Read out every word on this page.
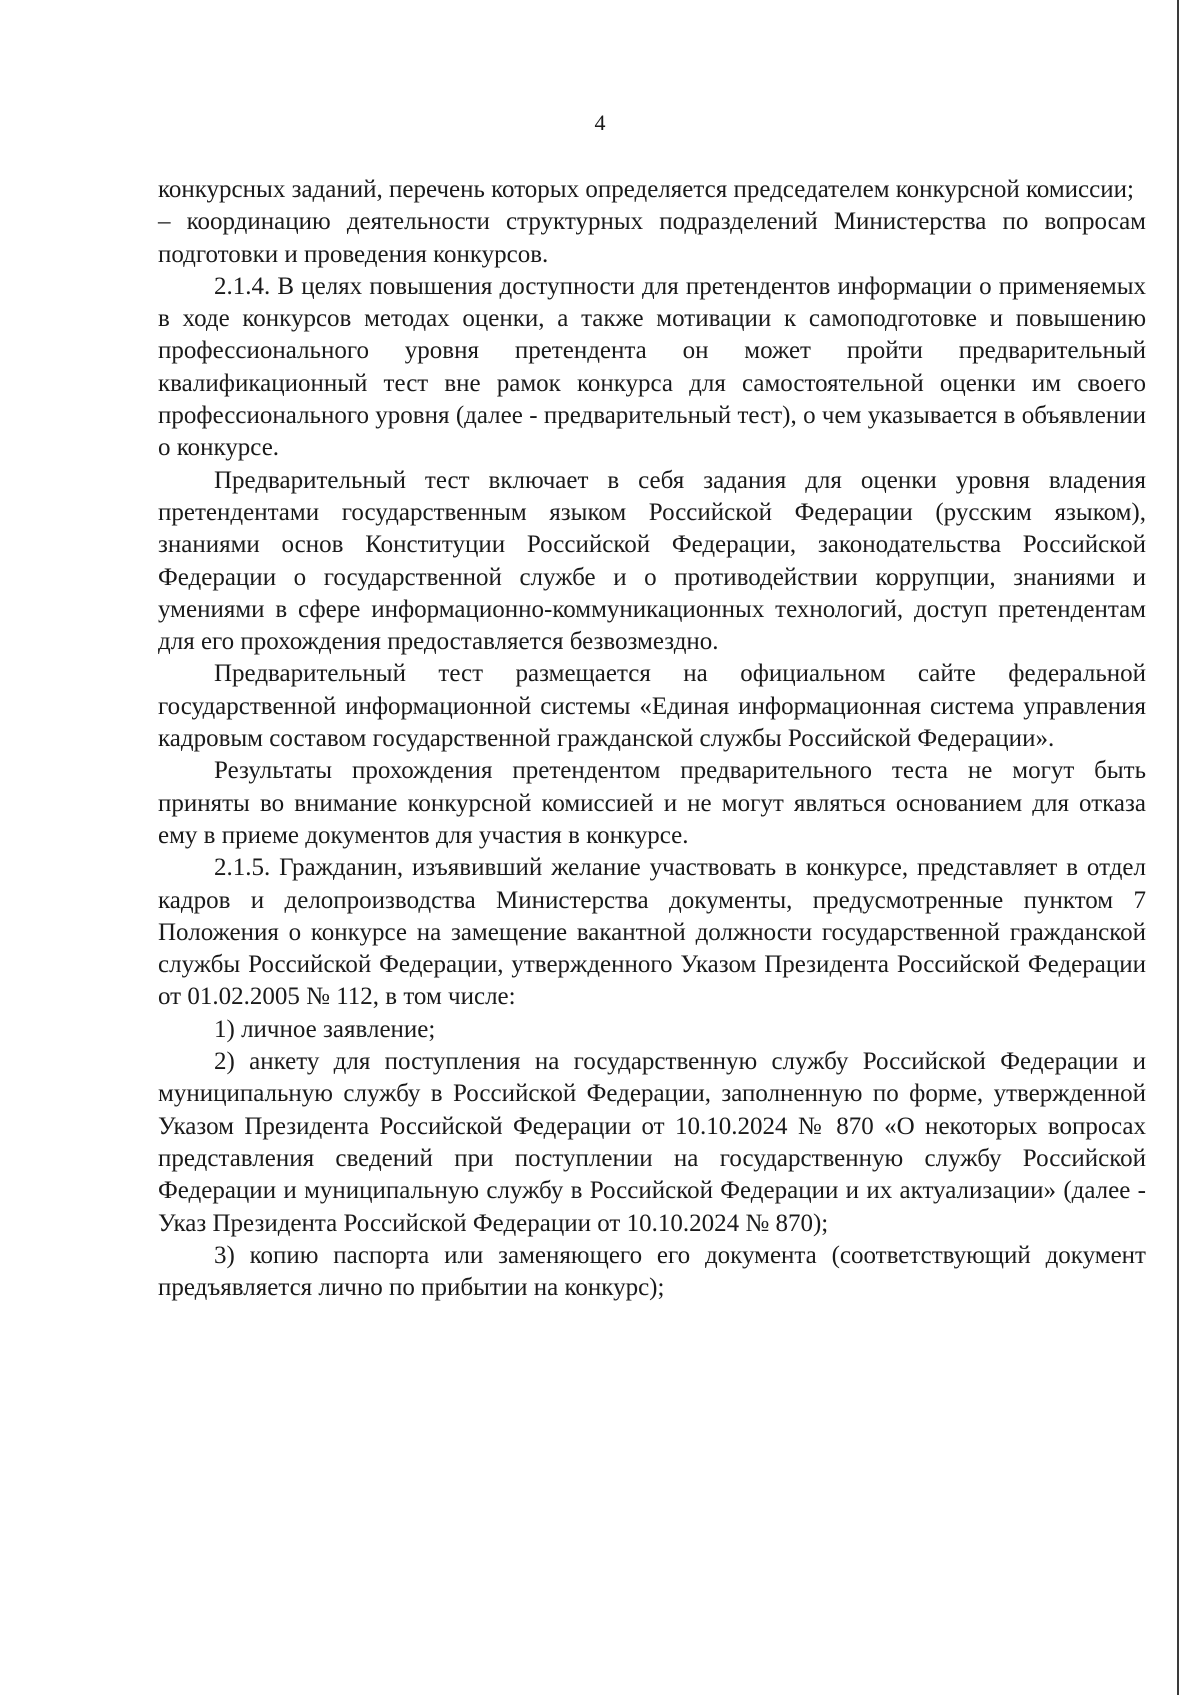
4

конкурсных заданий, перечень которых определяется председателем конкурсной комиссии;

– координацию деятельности структурных подразделений Министерства по вопросам подготовки и проведения конкурсов.

2.1.4. В целях повышения доступности для претендентов информации о применяемых в ходе конкурсов методах оценки, а также мотивации к самоподготовке и повышению профессионального уровня претендента он может пройти предварительный квалификационный тест вне рамок конкурса для самостоятельной оценки им своего профессионального уровня (далее - предварительный тест), о чем указывается в объявлении о конкурсе.

Предварительный тест включает в себя задания для оценки уровня владения претендентами государственным языком Российской Федерации (русским языком), знаниями основ Конституции Российской Федерации, законодательства Российской Федерации о государственной службе и о противодействии коррупции, знаниями и умениями в сфере информационно-коммуникационных технологий, доступ претендентам для его прохождения предоставляется безвозмездно.

Предварительный тест размещается на официальном сайте федеральной государственной информационной системы «Единая информационная система управления кадровым составом государственной гражданской службы Российской Федерации».

Результаты прохождения претендентом предварительного теста не могут быть приняты во внимание конкурсной комиссией и не могут являться основанием для отказа ему в приеме документов для участия в конкурсе.

2.1.5. Гражданин, изъявивший желание участвовать в конкурсе, представляет в отдел кадров и делопроизводства Министерства документы, предусмотренные пунктом 7 Положения о конкурсе на замещение вакантной должности государственной гражданской службы Российской Федерации, утвержденного Указом Президента Российской Федерации от 01.02.2005 № 112, в том числе:

1) личное заявление;

2) анкету для поступления на государственную службу Российской Федерации и муниципальную службу в Российской Федерации, заполненную по форме, утвержденной Указом Президента Российской Федерации от 10.10.2024 № 870 «О некоторых вопросах представления сведений при поступлении на государственную службу Российской Федерации и муниципальную службу в Российской Федерации и их актуализации» (далее - Указ Президента Российской Федерации от 10.10.2024 № 870);

3) копию паспорта или заменяющего его документа (соответствующий документ предъявляется лично по прибытии на конкурс);
